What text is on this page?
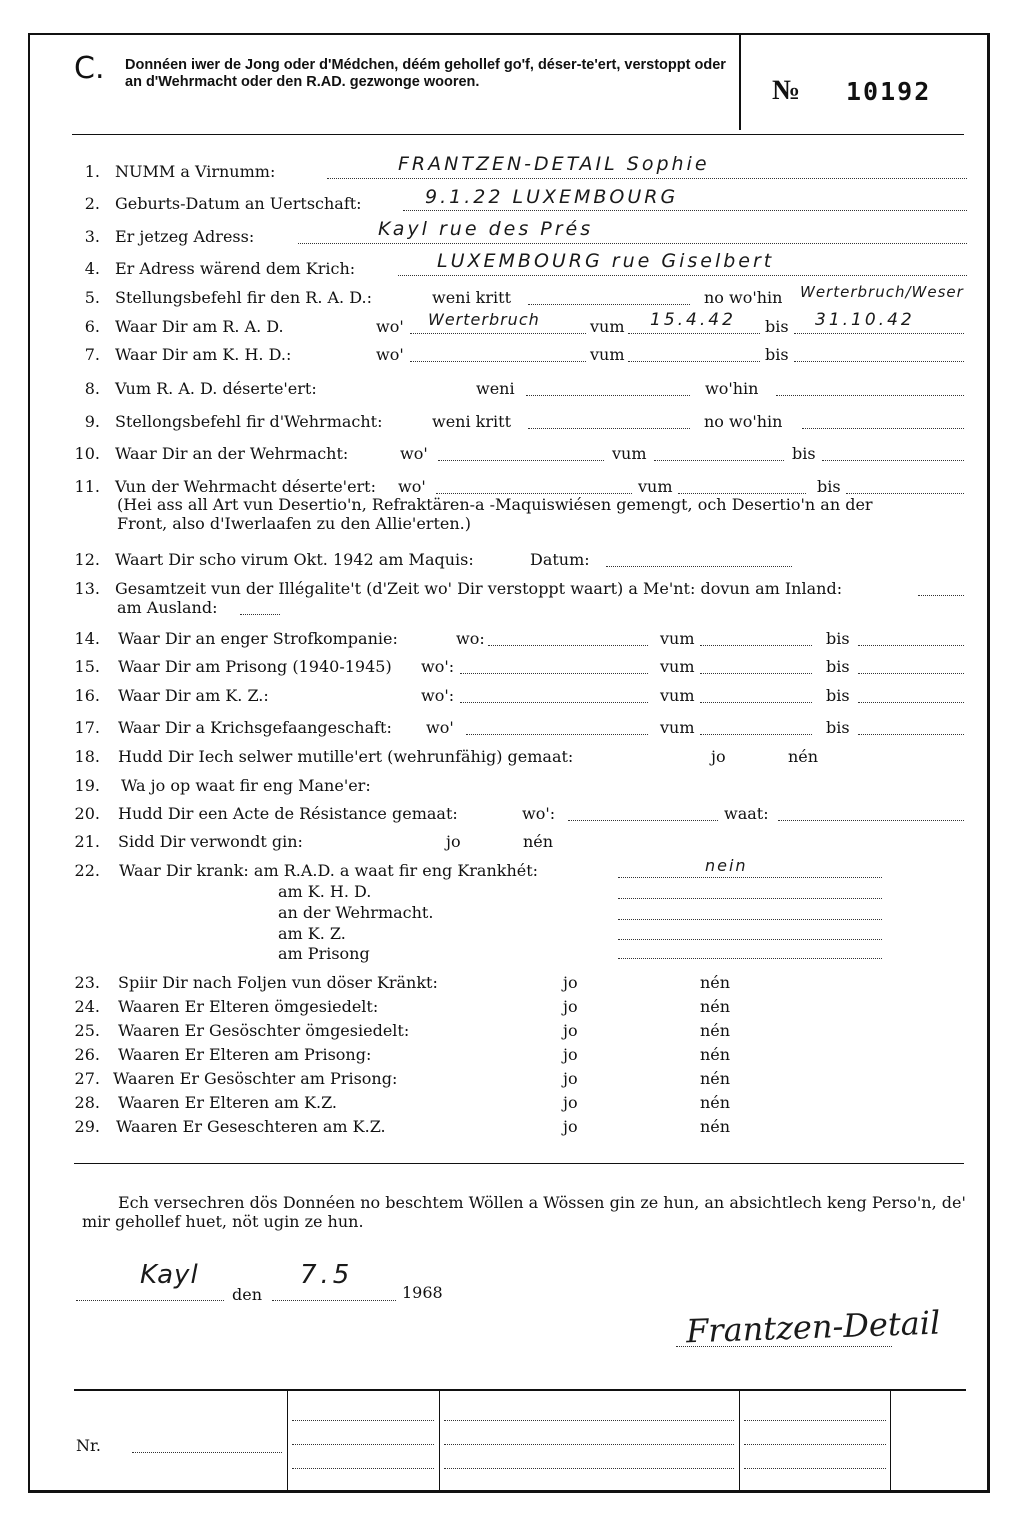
C. Donnéen iwer de Jong oder d'Médchen, déém gehollef go'f, déser-te'ert, verstoppt oder an d'Wehrmacht oder den R.AD. gezwonge wooren.	№ 10192
1. NUMM a Virnumm:	FRANTZEN-DETAIL Sophie
2. Geburts-Datum an Uertschaft:	9.1.22 LUXEMBOURG
3. Er jetzeg Adress:	Kayl rue des Prés
4. Er Adress wärend dem Krich:	LUXEMBOURG rue Giselbert
5. Stellungsbefehl fir den R. A. D.:	weni kritt	no wo'hin Werterbruch/Weser
6. Waar Dir am R. A. D.	wo' Werterbruch	vum 15.4.42 bis 31.10.42
7. Waar Dir am K. H. D.:	wo'	vum	bis
8. Vum R. A. D. déserte'ert:	weni	wo'hin
9. Stellongsbefehl fir d'Wehrmacht:	weni kritt	no wo'hin
10. Waar Dir an der Wehrmacht:	wo'	vum	bis
11. Vun der Wehrmacht déserte'ert: wo'	vum	bis
(Hei ass all Art vun Desertio'n, Refraktären-a -Maquiswiésen gemengt, och Desertio'n an der
Front, also d'Iwerlaafen zu den Allie'erten.)
12. Waart Dir scho virum Okt. 1942 am Maquis:	Datum:
13. Gesamtzeit vun der Illégalite't (d'Zeit wo' Dir verstoppt waart) a Me'nt: dovun am Inland:
am Ausland:
14. Waar Dir an enger Strofkompanie:	wo:	vum	bis
15. Waar Dir am Prisong (1940-1945) wo':	vum	bis
16. Waar Dir am K. Z.:	wo':	vum	bis
17. Waar Dir a Krichsgefaangeschaft: wo'	vum	bis
18. Hudd Dir Iech selwer mutille'ert (wehrunfähig) gemaat:	jo	nén
19. Wa jo op waat fir eng Mane'er:
20. Hudd Dir een Acte de Résistance gemaat:	wo':	waat:
21. Sidd Dir verwondt gin:	jo	nén
22. Waar Dir krank: am R.A.D. a waat fir eng Krankhét:	nein
am K. H. D.
an der Wehrmacht.
am K. Z.
am Prisong
23. Spiir Dir nach Foljen vun döser Kränkt:	jo	nén
24. Waaren Er Elteren ömgesiedelt:	jo	nén
25. Waaren Er Gesöschter ömgesiedelt:	jo	nén
26. Waaren Er Elteren am Prisong:	jo	nén
27. Waaren Er Gesöschter am Prisong:	jo	nén
28. Waaren Er Elteren am K.Z.	jo	nén
29. Waaren Er Geseschteren am K.Z.	jo	nén
Ech versechren dös Donnéen no beschtem Wöllen a Wössen gin ze hun, an absichtlech keng Perso'n, de' mir gehollef huet, nöt ugin ze hun.
Kayl
den
7.5
1968
Frantzen-Detail
Nr.
